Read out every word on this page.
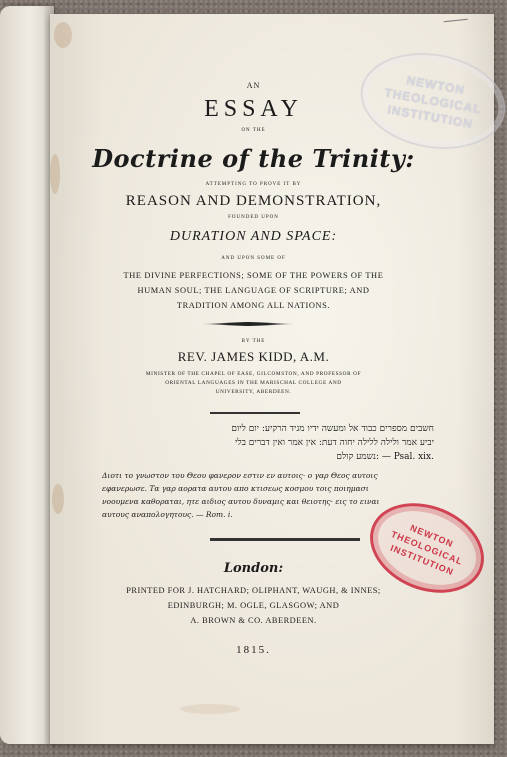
NEWTON
THEOLOGICAL
INSTITUTION
AN
ESSAY
ON THE
Doctrine of the Trinity:
ATTEMPTING TO PROVE IT BY
REASON AND DEMONSTRATION,
FOUNDED UPON
DURATION AND SPACE:
AND UPON SOME OF
THE DIVINE PERFECTIONS; SOME OF THE POWERS OF THE
HUMAN SOUL; THE LANGUAGE OF SCRIPTURE; AND
TRADITION AMONG ALL NATIONS.
BY THE
REV. JAMES KIDD, A.M.
MINISTER OF THE CHAPEL OF EASE, GILCOMSTON, AND PROFESSOR OF
ORIENTAL LANGUAGES IN THE MARISCHAL COLLEGE AND
UNIVERSITY, ABERDEEN.
חשבים מספרים כבוד אל ומעשה ידיו מגיד הרקיע: יום ליום
יביע אמר ולילה ללילה יחוה דעת: אין אמר ואין דברים בלי
נשמע קולם: — Psal. xix.
Διοτι το γνωστον του Θεου φανερον εστιν εν αυτοις· ο γαρ Θεος αυτοις
εφανερωσε. Τα γαρ αορατα αυτου απο κτισεως κοσμου τοις ποιημασι
νοουμενα καθοραται, ητε αιδιος αυτου δυναμις και θειοτης· εις το ειναι
αυτους αναπολογητους. — Rom. i.
London:
PRINTED FOR J. HATCHARD; OLIPHANT, WAUGH, & INNES;
EDINBURGH; M. OGLE, GLASGOW; AND
A. BROWN & CO. ABERDEEN.
1815.
NEWTON
THEOLOGICAL
INSTITUTION
